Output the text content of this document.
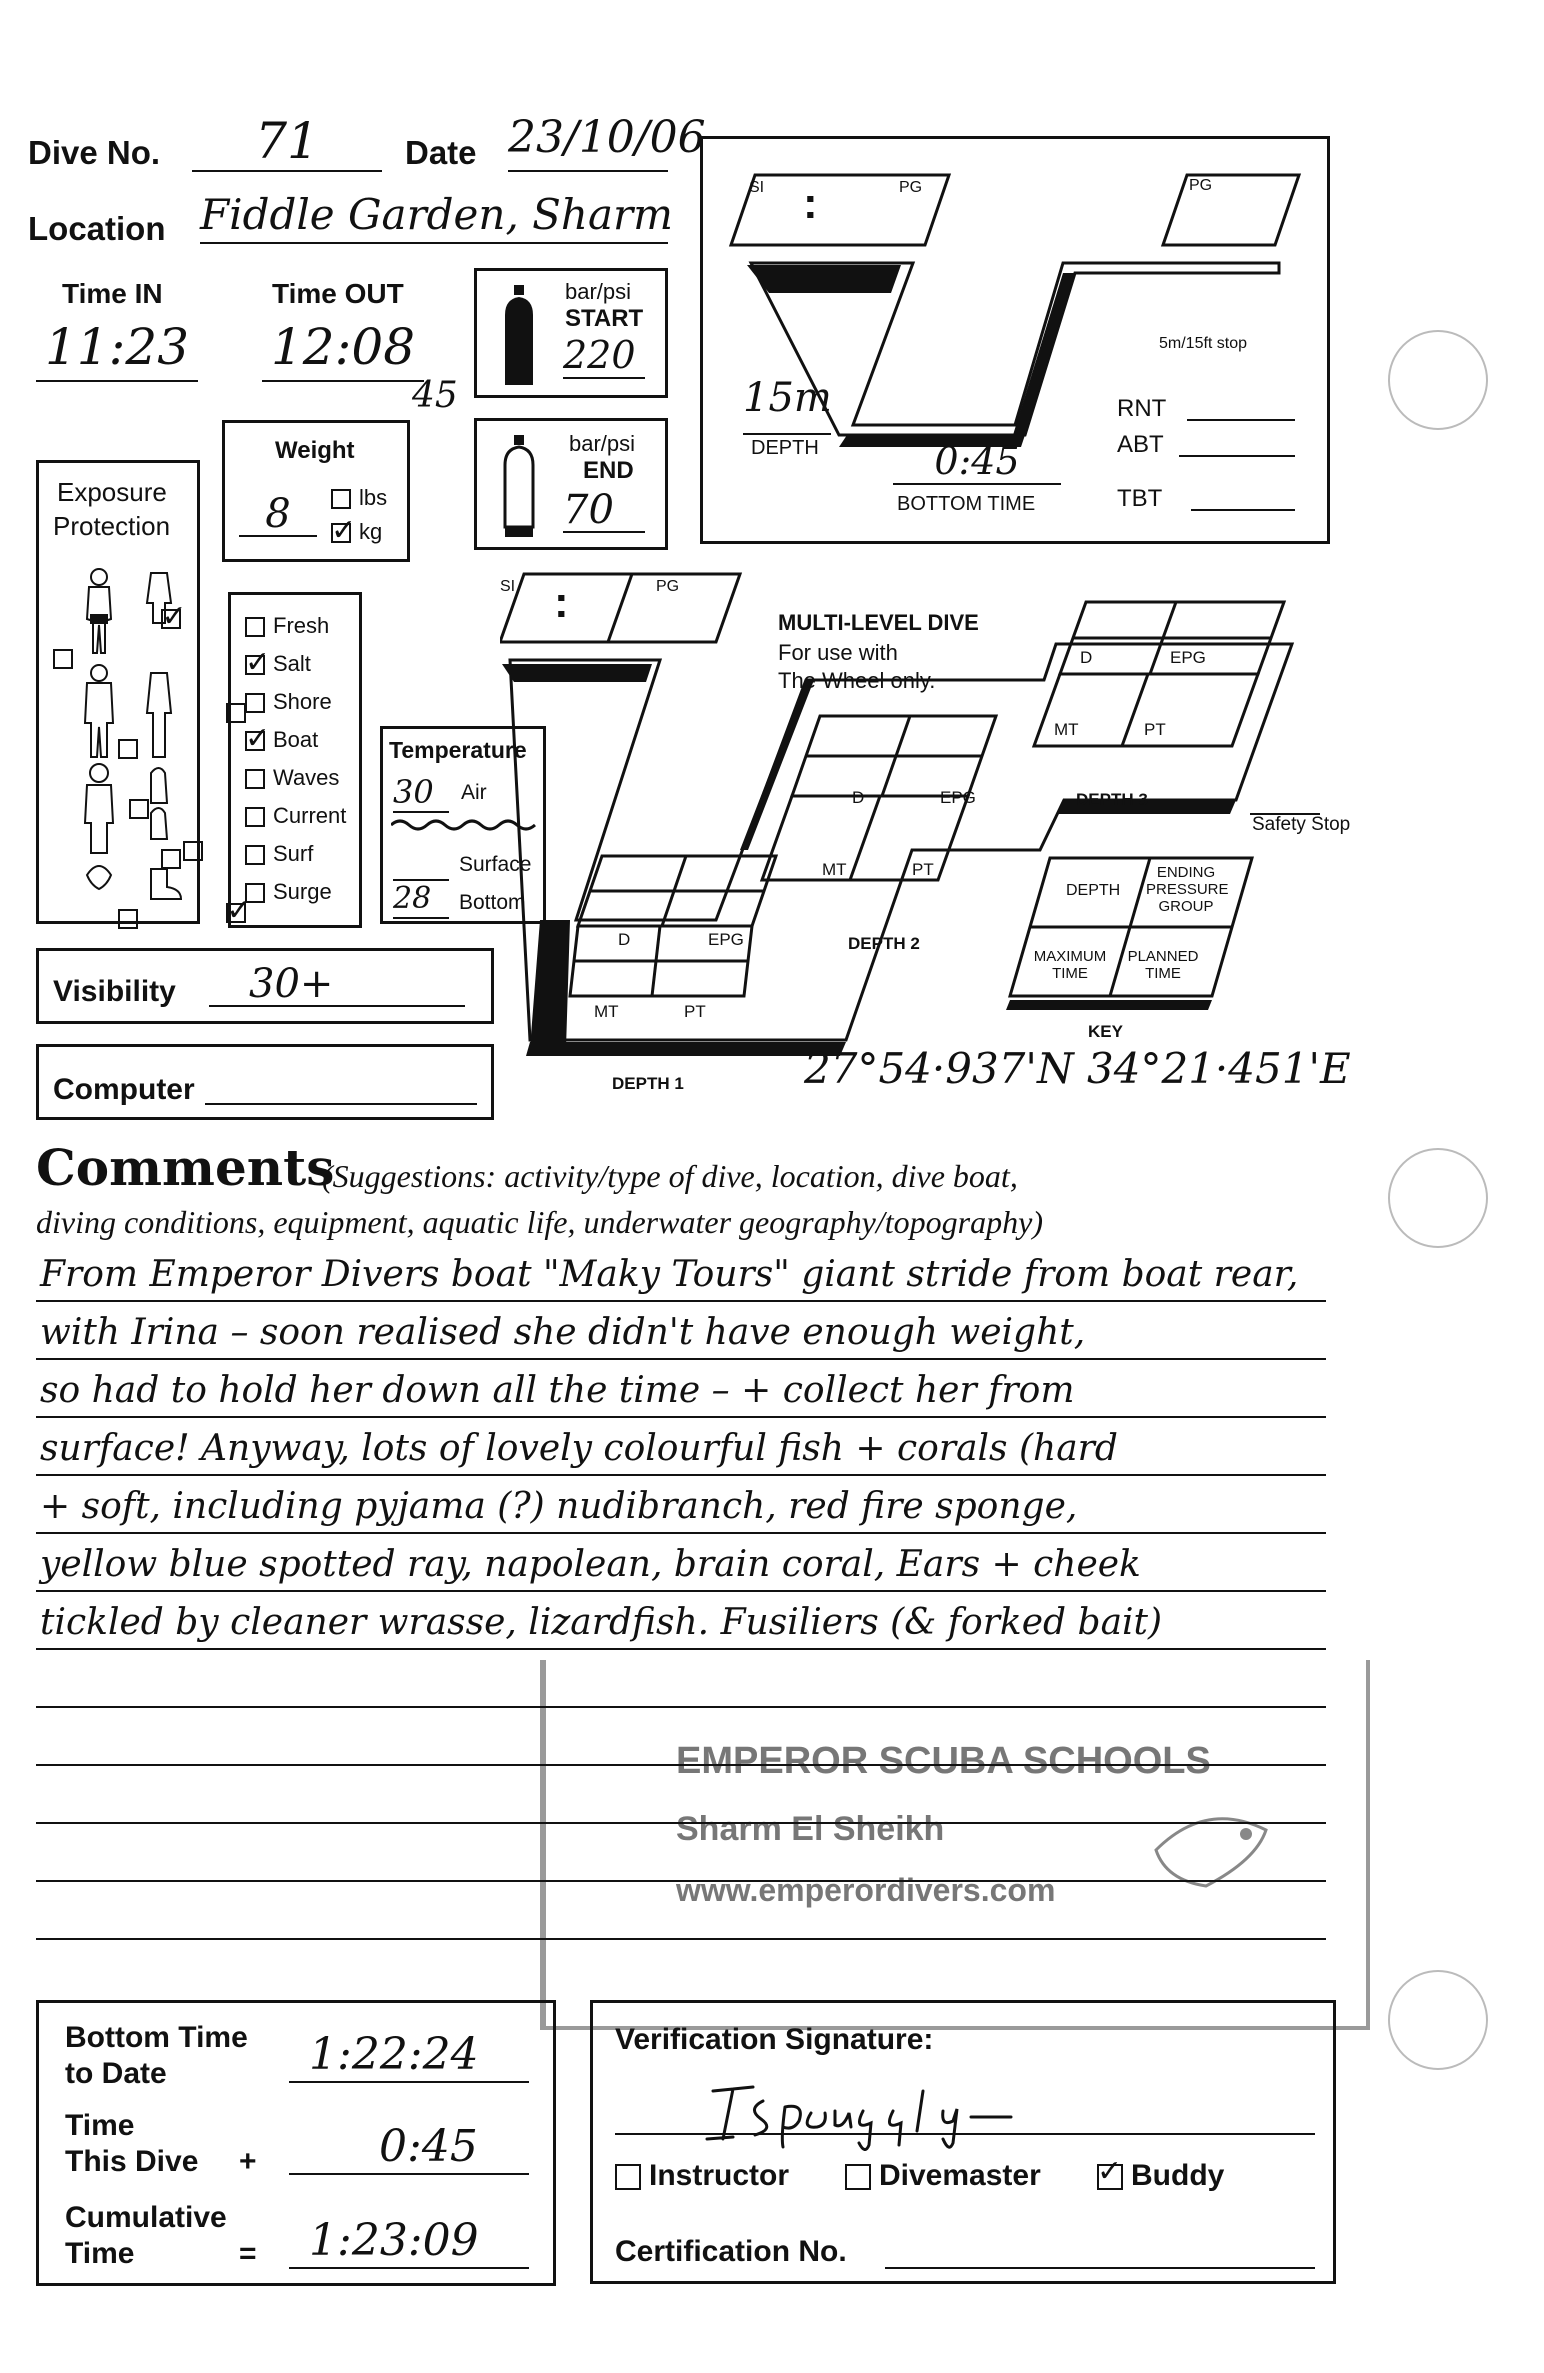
Dive No.	71	Date 23/10/06
Location Fiddle Garden, Sharm
Time IN
11:23
Time OUT
12:08
45
bar/psi
START
220
bar/psi
END
70
Weight
8	lbs
✓kg
Exposure
Protection
✓       ✓
Fresh
✓Salt
Shore
✓Boat
Waves
Current
Surf
Surge
Temperature
30	Air
Surface
28	Bottom
Visibility	30+
Computer
SI :	PG	PG
5m/15ft stop
15m
DEPTH	0:45
BOTTOM TIME
RNT
ABT
TBT
SI :	PG
MULTI-LEVEL DIVE
For use with
The Wheel only.
D	EPG
MT	PT
DEPTH 3
Safety Stop
D	EPG
MT	PT
DEPTH 2
D	EPG
MT	PT
DEPTH 1
DEPTH
ENDING PRESSURE GROUP
MAXIMUM TIME
PLANNED TIME
KEY
27°54·937'N 34°21·451'E
Comments
(Suggestions: activity/type of dive, location, dive boat,
diving conditions, equipment, aquatic life, underwater geography/topography)
EMPEROR SCUBA SCHOOLS
Sharm El Sheikh
www.emperordivers.com
From Emperor Divers boat "Maky Tours" giant stride from boat rear,
with Irina – soon realised she didn't have enough weight,
so had to hold her down all the time – + collect her from
surface! Anyway, lots of lovely colourful fish + corals (hard
+ soft, including pyjama (?) nudibranch, red fire sponge,
yellow blue spotted ray, napolean, brain coral, Ears + cheek
tickled by cleaner wrasse, lizardfish. Fusiliers (& forked bait)
Bottom Time
to Date	1:22:24
Time
This Dive +	0:45
Cumulative
Time	=	1:23:09
Verification Signature:
Instructor	Divemaster
✓	Buddy
Certification No.
